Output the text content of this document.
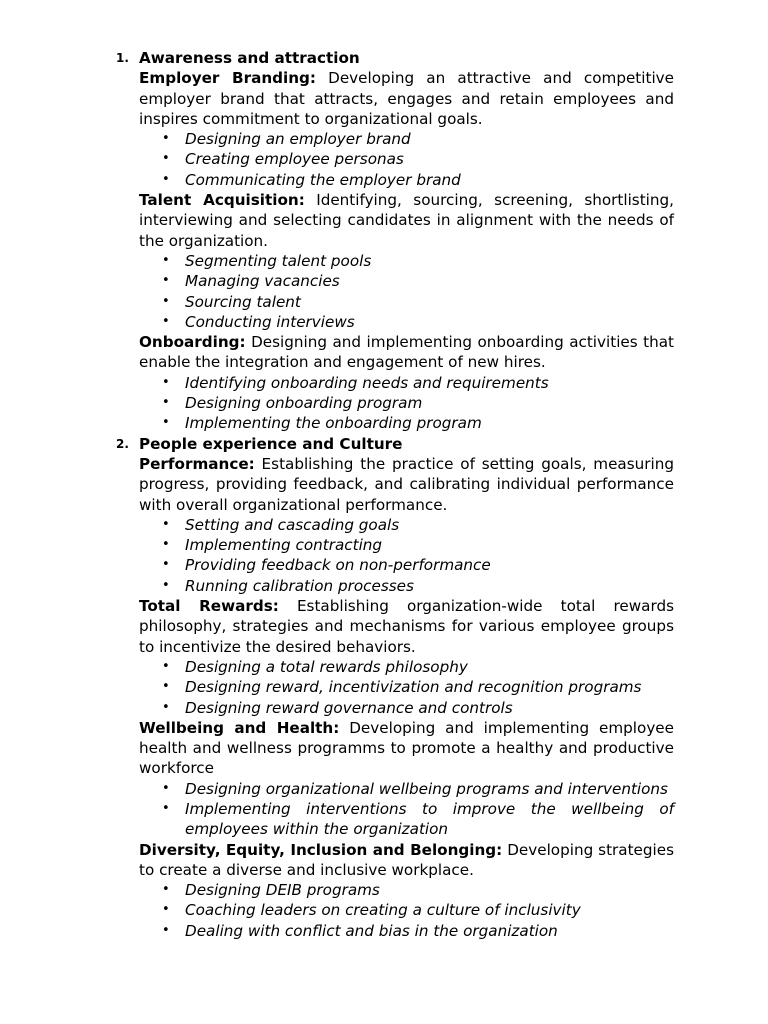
1. Awareness and attraction
Employer Branding: Developing an attractive and competitive employer brand that attracts, engages and retain employees and inspires commitment to organizational goals.
• Designing an employer brand
• Creating employee personas
• Communicating the employer brand
Talent Acquisition: Identifying, sourcing, screening, shortlisting, interviewing and selecting candidates in alignment with the needs of the organization.
• Segmenting talent pools
• Managing vacancies
• Sourcing talent
• Conducting interviews
Onboarding: Designing and implementing onboarding activities that enable the integration and engagement of new hires.
• Identifying onboarding needs and requirements
• Designing onboarding program
• Implementing the onboarding program
2. People experience and Culture
Performance: Establishing the practice of setting goals, measuring progress, providing feedback, and calibrating individual performance with overall organizational performance.
• Setting and cascading goals
• Implementing contracting
• Providing feedback on non-performance
• Running calibration processes
Total Rewards: Establishing organization-wide total rewards philosophy, strategies and mechanisms for various employee groups to incentivize the desired behaviors.
• Designing a total rewards philosophy
• Designing reward, incentivization and recognition programs
• Designing reward governance and controls
Wellbeing and Health: Developing and implementing employee health and wellness programms to promote a healthy and productive workforce
• Designing organizational wellbeing programs and interventions
• Implementing interventions to improve the wellbeing of employees within the organization
Diversity, Equity, Inclusion and Belonging: Developing strategies to create a diverse and inclusive workplace.
• Designing DEIB programs
• Coaching leaders on creating a culture of inclusivity
• Dealing with conflict and bias in the organization
